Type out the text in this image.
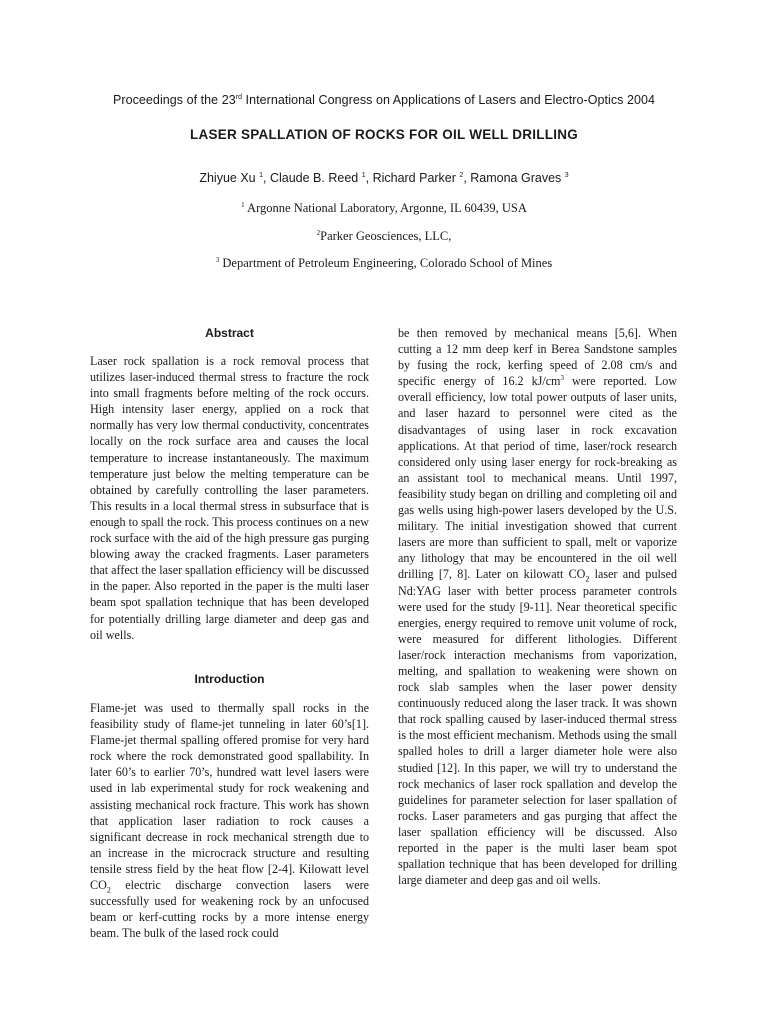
Proceedings of the 23rd International Congress on Applications of Lasers and Electro-Optics 2004
LASER SPALLATION OF ROCKS FOR OIL WELL DRILLING
Zhiyue Xu $^1$, Claude B. Reed $^1$, Richard Parker $^2$, Ramona Graves $^3$
$^1$ Argonne National Laboratory, Argonne, IL 60439, USA
$^2$Parker Geosciences, LLC,
$^3$ Department of Petroleum Engineering, Colorado School of Mines
Abstract

Laser rock spallation is a rock removal process that utilizes laser-induced thermal stress to fracture the rock into small fragments before melting of the rock occurs. High intensity laser energy, applied on a rock that normally has very low thermal conductivity, concentrates locally on the rock surface area and causes the local temperature to increase instantaneously. The maximum temperature just below the melting temperature can be obtained by carefully controlling the laser parameters. This results in a local thermal stress in subsurface that is enough to spall the rock. This process continues on a new rock surface with the aid of the high pressure gas purging blowing away the cracked fragments. Laser parameters that affect the laser spallation efficiency will be discussed in the paper. Also reported in the paper is the multi laser beam spot spallation technique that has been developed for potentially drilling large diameter and deep gas and oil wells.

Introduction

Flame-jet was used to thermally spall rocks in the feasibility study of flame-jet tunneling in later 60’s[1]. Flame-jet thermal spalling offered promise for very hard rock where the rock demonstrated good spallability. In later 60’s to earlier 70’s, hundred watt level lasers were used in lab experimental study for rock weakening and assisting mechanical rock fracture. This work has shown that application laser radiation to rock causes a significant decrease in rock mechanical strength due to an increase in the microcrack structure and resulting tensile stress field by the heat flow [2-4]. Kilowatt level $CO_2$ electric discharge convection lasers were successfully used for weakening rock by an unfocused beam or kerf-cutting rocks by a more intense energy beam. The bulk of the lased rock could

be then removed by mechanical means [5,6]. When cutting a 12 mm deep kerf in Berea Sandstone samples by fusing the rock, kerfing speed of 2.08 cm/s and specific energy of 16.2 $kJ/cm^3$ were reported. Low overall efficiency, low total power outputs of laser units, and laser hazard to personnel were cited as the disadvantages of using laser in rock excavation applications. At that period of time, laser/rock research considered only using laser energy for rock-breaking as an assistant tool to mechanical means. Until 1997, feasibility study began on drilling and completing oil and gas wells using high-power lasers developed by the U.S. military. The initial investigation showed that current lasers are more than sufficient to spall, melt or vaporize any lithology that may be encountered in the oil well drilling [7, 8]. Later on kilowatt $CO_2$ laser and pulsed Nd:YAG laser with better process parameter controls were used for the study [9-11]. Near theoretical specific energies, energy required to remove unit volume of rock, were measured for different lithologies. Different laser/rock interaction mechanisms from vaporization, melting, and spallation to weakening were shown on rock slab samples when the laser power density continuously reduced along the laser track. It was shown that rock spalling caused by laser-induced thermal stress is the most efficient mechanism. Methods using the small spalled holes to drill a larger diameter hole were also studied [12]. In this paper, we will try to understand the rock mechanics of laser rock spallation and develop the guidelines for parameter selection for laser spallation of rocks. Laser parameters and gas purging that affect the laser spallation efficiency will be discussed. Also reported in the paper is the multi laser beam spot spallation technique that has been developed for drilling large diameter and deep gas and oil wells.
